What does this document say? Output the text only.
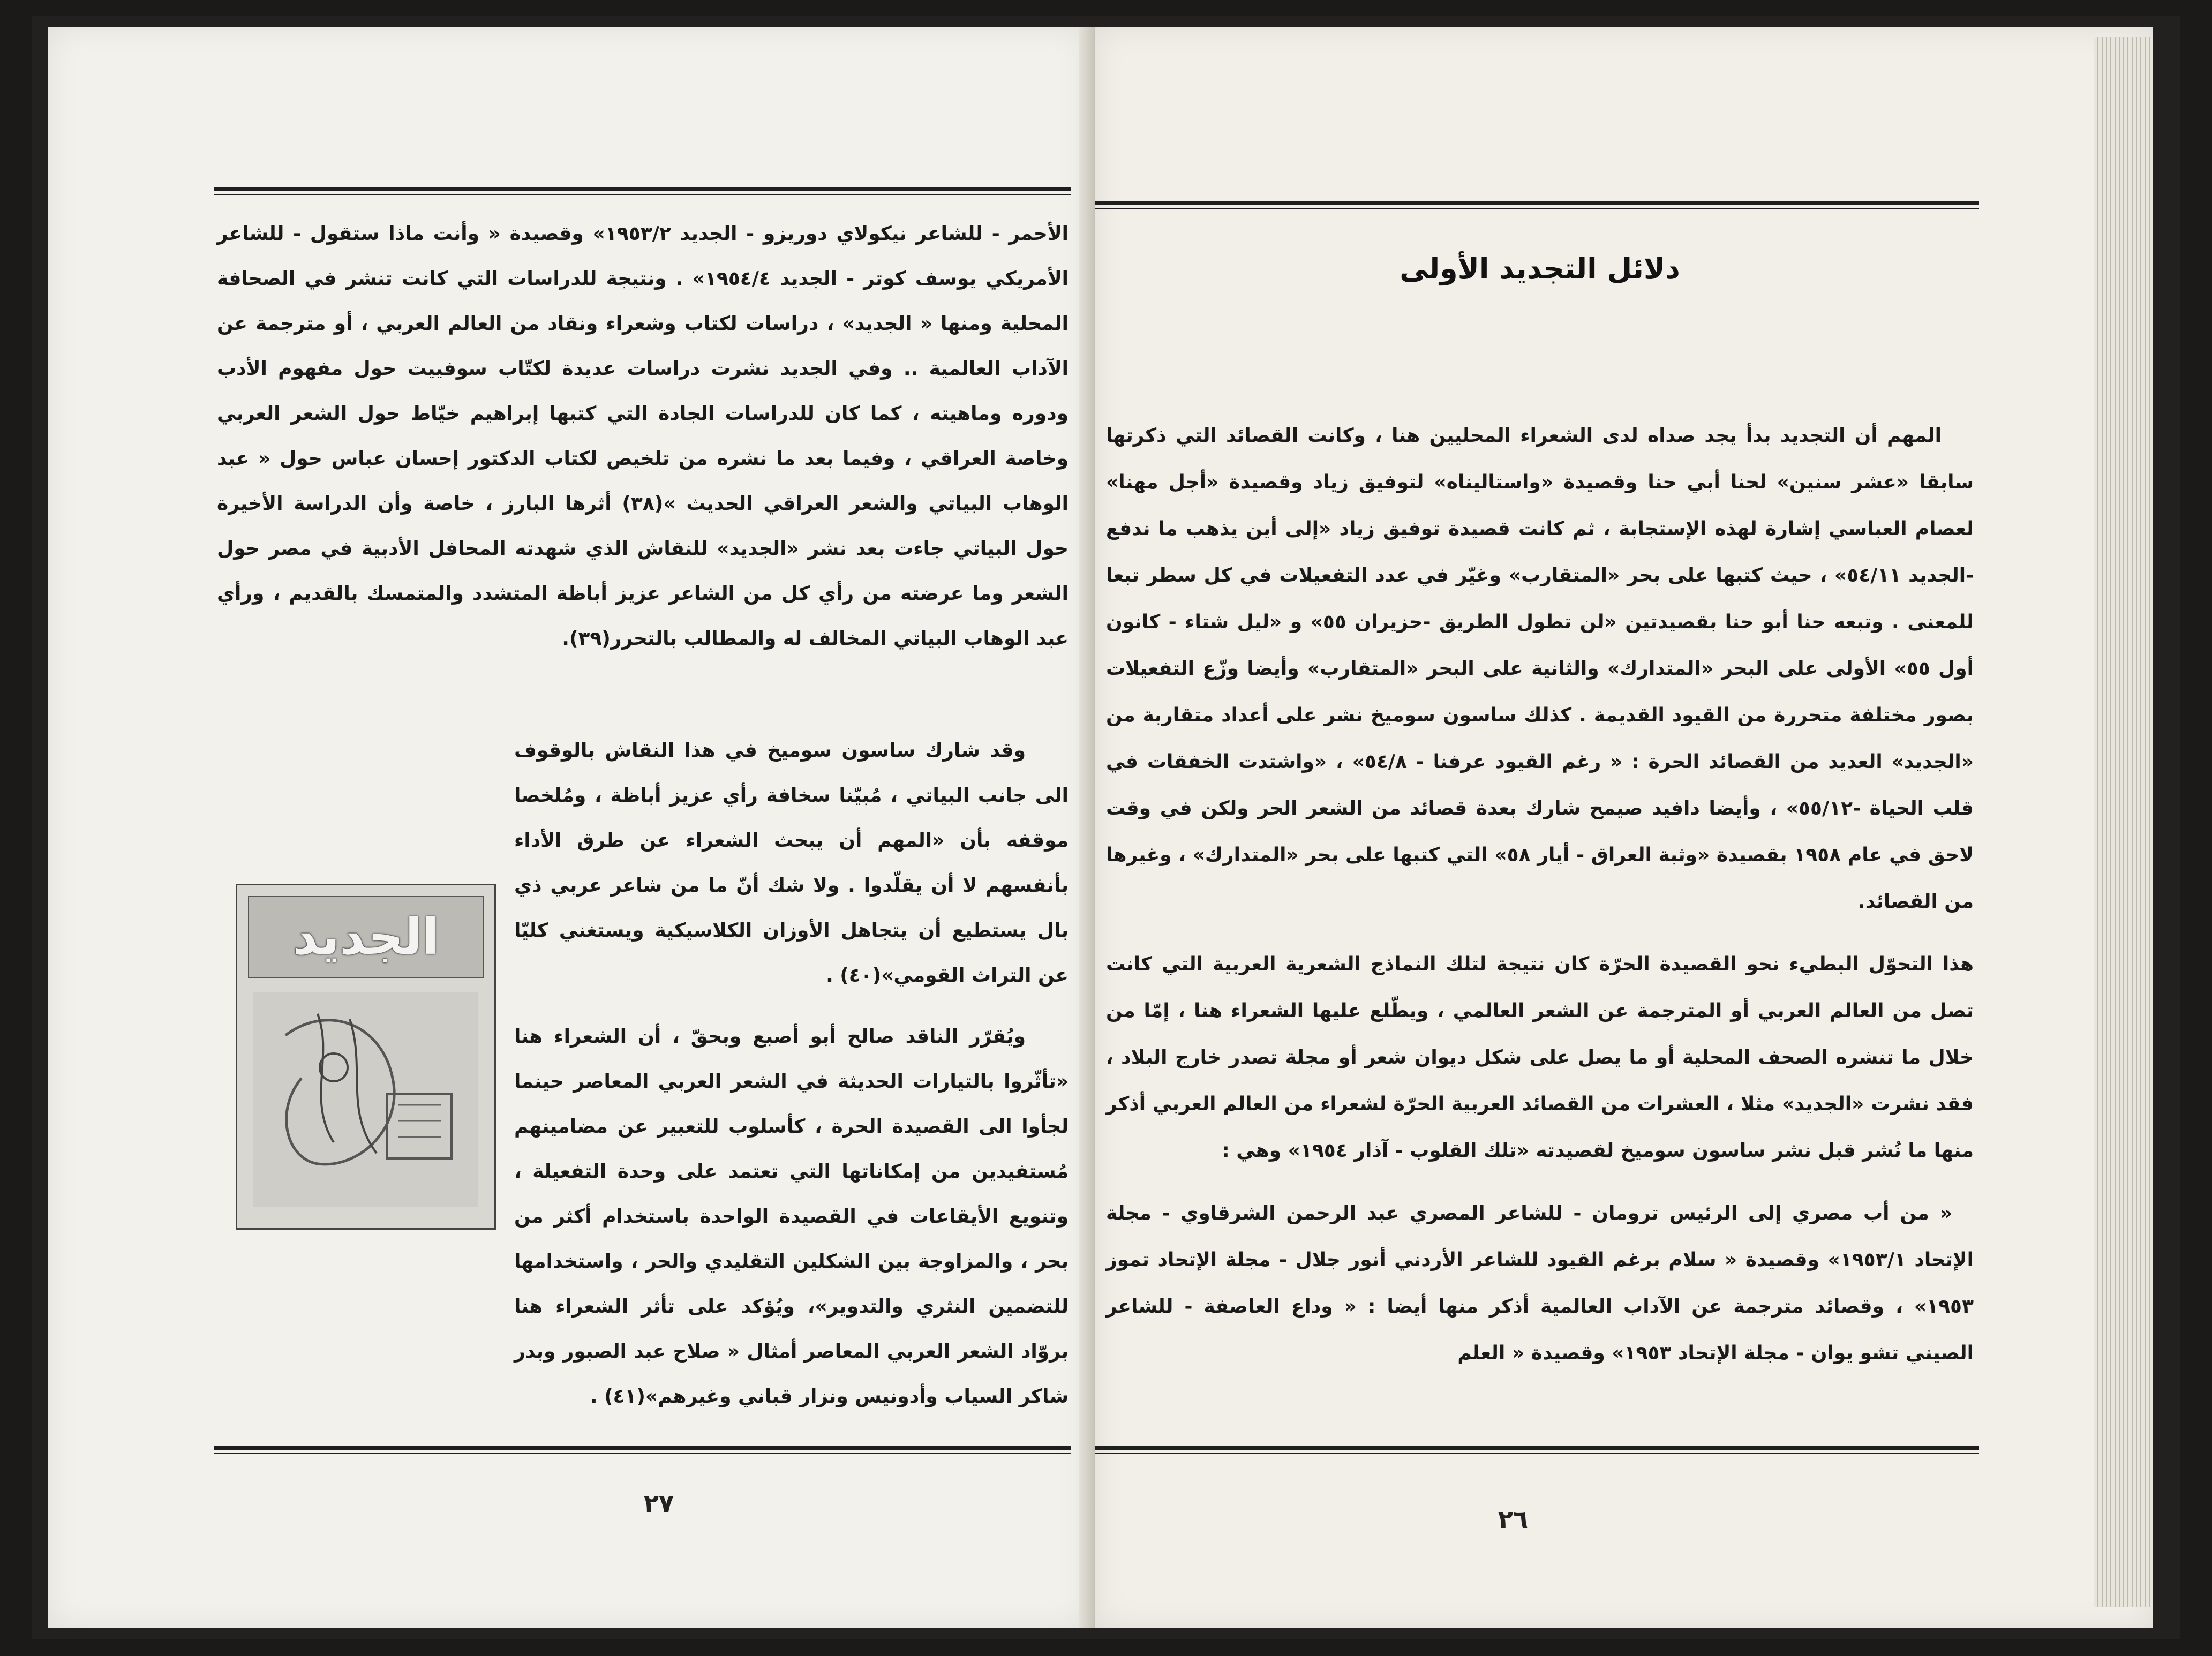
الأحمر - للشاعر نيكولاي دوريزو - الجديد ١٩٥٣/٢» وقصيدة « وأنت ماذا ستقول - للشاعر الأمريكي يوسف كوتر - الجديد ١٩٥٤/٤» . ونتيجة للدراسات التي كانت تنشر في الصحافة المحلية ومنها « الجديد» ، دراسات لكتاب وشعراء ونقاد من العالم العربي ، أو مترجمة عن الآداب العالمية .. وفي الجديد نشرت دراسات عديدة لكتّاب سوفييت حول مفهوم الأدب ودوره وماهيته ، كما كان للدراسات الجادة التي كتبها إبراهيم خيّاط حول الشعر العربي وخاصة العراقي ، وفيما بعد ما نشره من تلخيص لكتاب الدكتور إحسان عباس حول « عبد الوهاب البياتي والشعر العراقي الحديث »(٣٨) أثرها البارز ، خاصة وأن الدراسة الأخيرة حول البياتي جاءت بعد نشر «الجديد» للنقاش الذي شهدته المحافل الأدبية في مصر حول الشعر وما عرضته من رأي كل من الشاعر عزيز أباظة المتشدد والمتمسك بالقديم ، ورأي عبد الوهاب البياتي المخالف له والمطالب بالتحرر(٣٩).

وقد شارك ساسون سوميخ في هذا النقاش بالوقوف الى جانب البياتي ، مُبيّنا سخافة رأي عزيز أباظة ، ومُلخصا موقفه بأن «المهم أن يبحث الشعراء عن طرق الأداء بأنفسهم لا أن يقلّدوا . ولا شك أنّ ما من شاعر عربي ذي بال يستطيع أن يتجاهل الأوزان الكلاسيكية ويستغني كليّا عن التراث القومي»(٤٠) .

ويُقرّر الناقد صالح أبو أصبع وبحقّ ، أن الشعراء هنا «تأثّروا بالتيارات الحديثة في الشعر العربي المعاصر حينما لجأوا الى القصيدة الحرة ، كأسلوب للتعبير عن مضامينهم مُستفيدين من إمكاناتها التي تعتمد على وحدة التفعيلة ، وتنويع الأيقاعات في القصيدة الواحدة باستخدام أكثر من بحر ، والمزاوجة بين الشكلين التقليدي والحر ، واستخدامها للتضمين النثري والتدوير»، ويُؤكد على تأثر الشعراء هنا بروّاد الشعر العربي المعاصر أمثال « صلاح عبد الصبور وبدر شاكر السياب وأدونيس ونزار قباني وغيرهم»(٤١) .

الجديد
٢٧
دلائل التجديد الأولى

المهم أن التجديد بدأ يجد صداه لدى الشعراء المحليين هنا ، وكانت القصائد التي ذكرتها سابقا «عشر سنين» لحنا أبي حنا وقصيدة «واستاليناه» لتوفيق زياد وقصيدة «أجل مهنا» لعصام العباسي إشارة لهذه الإستجابة ، ثم كانت قصيدة توفيق زياد «إلى أين يذهب ما ندفع -الجديد ٥٤/١١» ، حيث كتبها على بحر «المتقارب» وغيّر في عدد التفعيلات في كل سطر تبعا للمعنى . وتبعه حنا أبو حنا بقصيدتين «لن تطول الطريق -حزيران ٥٥» و «ليل شتاء - كانون أول ٥٥» الأولى على البحر «المتدارك» والثانية على البحر «المتقارب» وأيضا وزّع التفعيلات بصور مختلفة متحررة من القيود القديمة . كذلك ساسون سوميخ نشر على أعداد متقاربة من «الجديد» العديد من القصائد الحرة : « رغم القيود عرفنا - ٥٤/٨» ، «واشتدت الخفقات في قلب الحياة -٥٥/١٢» ، وأيضا دافيد صيمح شارك بعدة قصائد من الشعر الحر ولكن في وقت لاحق في عام ١٩٥٨ بقصيدة «وثبة العراق - أيار ٥٨» التي كتبها على بحر «المتدارك» ، وغيرها من القصائد.

هذا التحوّل البطيء نحو القصيدة الحرّة كان نتيجة لتلك النماذج الشعرية العربية التي كانت تصل من العالم العربي أو المترجمة عن الشعر العالمي ، ويطّلع عليها الشعراء هنا ، إمّا من خلال ما تنشره الصحف المحلية أو ما يصل على شكل ديوان شعر أو مجلة تصدر خارج البلاد ، فقد نشرت «الجديد» مثلا ، العشرات من القصائد العربية الحرّة لشعراء من العالم العربي أذكر منها ما نُشر قبل نشر ساسون سوميخ لقصيدته «تلك القلوب - آذار ١٩٥٤» وهي :

« من أب مصري إلى الرئيس ترومان - للشاعر المصري عبد الرحمن الشرقاوي - مجلة الإتحاد ١٩٥٣/١» وقصيدة « سلام برغم القيود للشاعر الأردني أنور جلال - مجلة الإتحاد تموز ١٩٥٣» ، وقصائد مترجمة عن الآداب العالمية أذكر منها أيضا : « وداع العاصفة - للشاعر الصيني تشو يوان - مجلة الإتحاد ١٩٥٣» وقصيدة « العلم

٢٦
